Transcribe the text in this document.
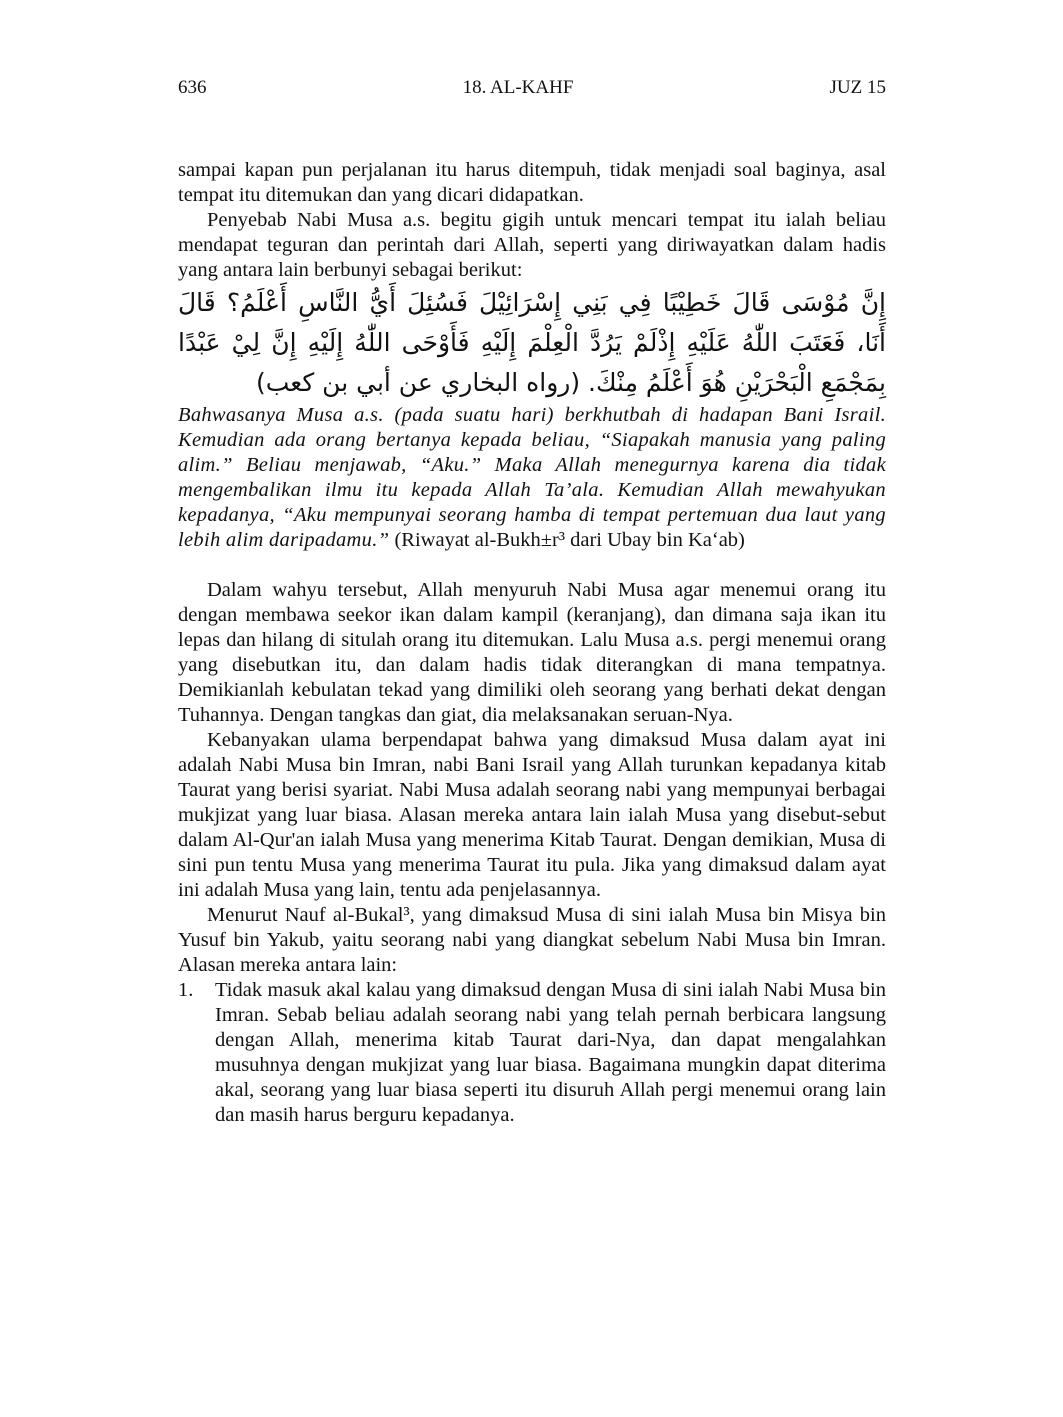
636	18. AL-KAHF	JUZ 15

sampai kapan pun perjalanan itu harus ditempuh, tidak menjadi soal baginya, asal tempat itu ditemukan dan yang dicari didapatkan.

Penyebab Nabi Musa a.s. begitu gigih untuk mencari tempat itu ialah beliau mendapat teguran dan perintah dari Allah, seperti yang diriwayatkan dalam hadis yang antara lain berbunyi sebagai berikut:

إِنَّ مُوْسَى قَالَ خَطِيْبًا فِي بَنِي إِسْرَائِيْلَ فَسُئِلَ أَيُّ النَّاسِ أَعْلَمُ؟ قَالَ أَنَا، فَعَتَبَ اللّٰهُ عَلَيْهِ إِذْلَمْ يَرُدَّ الْعِلْمَ إِلَيْهِ فَأَوْحَى اللّٰهُ إِلَيْهِ إِنَّ لِيْ عَبْدًا بِمَجْمَعِ الْبَحْرَيْنِ هُوَ أَعْلَمُ مِنْكَ. (رواه البخاري عن أبي بن كعب)

Bahwasanya Musa a.s. (pada suatu hari) berkhutbah di hadapan Bani Israil. Kemudian ada orang bertanya kepada beliau, “Siapakah manusia yang paling alim.” Beliau menjawab, “Aku.” Maka Allah menegurnya karena dia tidak mengembalikan ilmu itu kepada Allah Ta’ala. Kemudian Allah mewahyukan kepadanya, “Aku mempunyai seorang hamba di tempat pertemuan dua laut yang lebih alim daripadamu.” (Riwayat al-Bukh±r³ dari Ubay bin Ka‘ab)

Dalam wahyu tersebut, Allah menyuruh Nabi Musa agar menemui orang itu dengan membawa seekor ikan dalam kampil (keranjang), dan dimana saja ikan itu lepas dan hilang di situlah orang itu ditemukan. Lalu Musa a.s. pergi menemui orang yang disebutkan itu, dan dalam hadis tidak diterangkan di mana tempatnya. Demikianlah kebulatan tekad yang dimiliki oleh seorang yang berhati dekat dengan Tuhannya. Dengan tangkas dan giat, dia melaksanakan seruan-Nya.

Kebanyakan ulama berpendapat bahwa yang dimaksud Musa dalam ayat ini adalah Nabi Musa bin Imran, nabi Bani Israil yang Allah turunkan kepadanya kitab Taurat yang berisi syariat. Nabi Musa adalah seorang nabi yang mempunyai berbagai mukjizat yang luar biasa. Alasan mereka antara lain ialah Musa yang disebut-sebut dalam Al-Qur'an ialah Musa yang menerima Kitab Taurat. Dengan demikian, Musa di sini pun tentu Musa yang menerima Taurat itu pula. Jika yang dimaksud dalam ayat ini adalah Musa yang lain, tentu ada penjelasannya.

Menurut Nauf al-Bukal³, yang dimaksud Musa di sini ialah Musa bin Misya bin Yusuf bin Yakub, yaitu seorang nabi yang diangkat sebelum Nabi Musa bin Imran. Alasan mereka antara lain:

1.	Tidak masuk akal kalau yang dimaksud dengan Musa di sini ialah Nabi Musa bin Imran. Sebab beliau adalah seorang nabi yang telah pernah berbicara langsung dengan Allah, menerima kitab Taurat dari-Nya, dan dapat mengalahkan musuhnya dengan mukjizat yang luar biasa. Bagaimana mungkin dapat diterima akal, seorang yang luar biasa seperti itu disuruh Allah pergi menemui orang lain dan masih harus berguru kepadanya.
